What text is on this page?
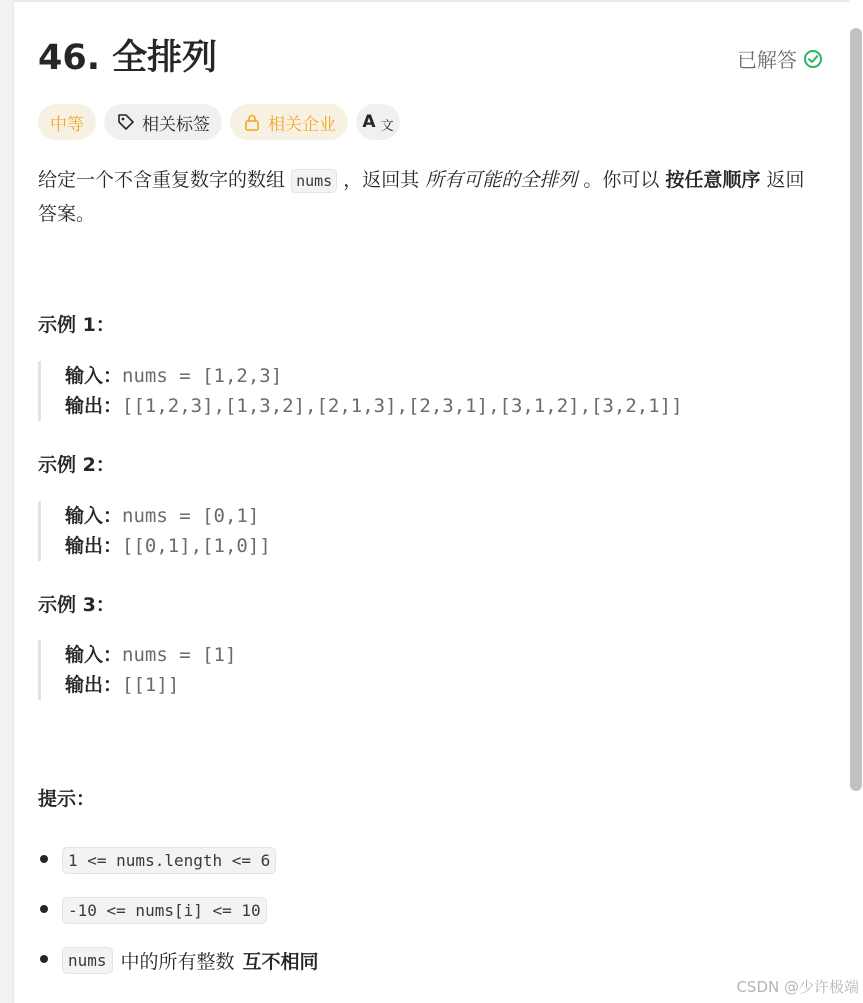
46. 全排列	已解答
中等	相关标签	相关企业 A 文
给定一个不含重复数字的数组 nums ，返回其 所有可能的全排列 。你可以 按任意顺序 返回答案。
示例 1：
输入：nums = [1,2,3]
输出：[[1,2,3],[1,3,2],[2,1,3],[2,3,1],[3,1,2],[3,2,1]]
示例 2：
输入：nums = [0,1]
输出：[[0,1],[1,0]]
示例 3：
输入：nums = [1]
输出：[[1]]
提示：
1 <= nums.length <= 6
-10 <= nums[i] <= 10
nums 中的所有整数 互不相同
CSDN @少许极端
